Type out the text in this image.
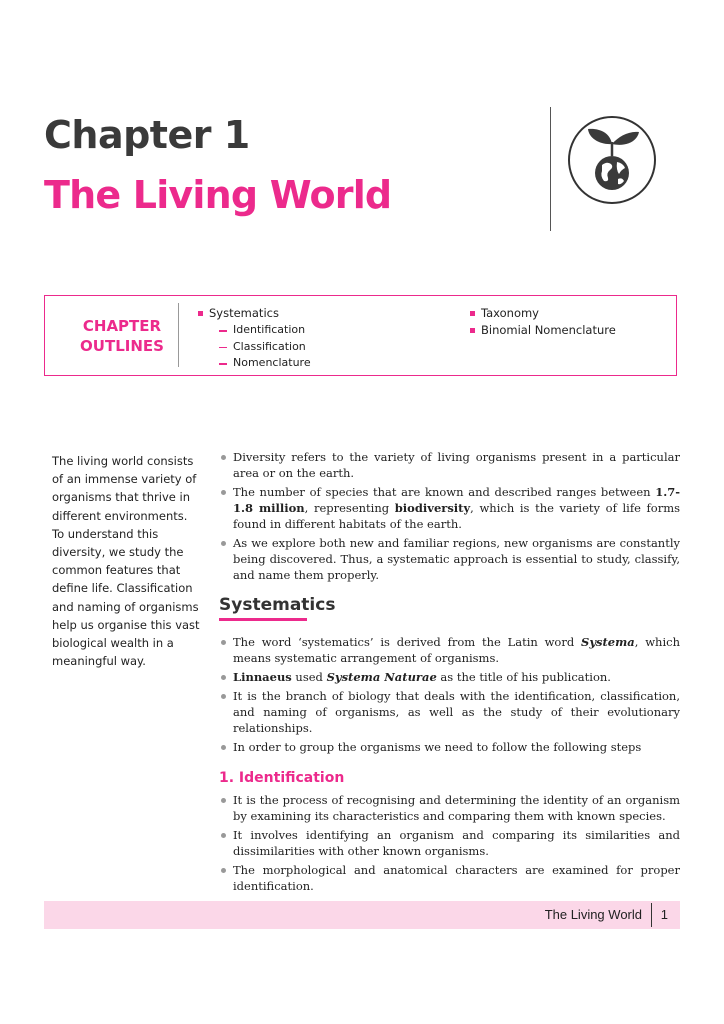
Chapter 1
The Living World
CHAPTER
OUTLINES
Systematics
Identification
Classification
Nomenclature
Taxonomy
Binomial Nomenclature

The living world consists of an immense variety of organisms that thrive in different environments. To understand this diversity, we study the common features that define life. Classification and naming of organisms help us organise this vast biological wealth in a meaningful way.

Diversity refers to the variety of living organisms present in a particular area or on the earth.
The number of species that are known and described ranges between 1.7-1.8 million, representing biodiversity, which is the variety of life forms found in different habitats of the earth.
As we explore both new and familiar regions, new organisms are constantly being discovered. Thus, a systematic approach is essential to study, classify, and name them properly.
Systematics
The word ‘systematics’ is derived from the Latin word Systema, which means systematic arrangement of organisms.
Linnaeus used Systema Naturae as the title of his publication.
It is the branch of biology that deals with the identification, classification, and naming of organisms, as well as the study of their evolutionary relationships.
In order to group the organisms we need to follow the following steps
1. Identification
It is the process of recognising and determining the identity of an organism by examining its characteristics and comparing them with known species.
It involves identifying an organism and comparing its similarities and dissimilarities with other known organisms.
The morphological and anatomical characters are examined for proper identification.
The Living World 1
